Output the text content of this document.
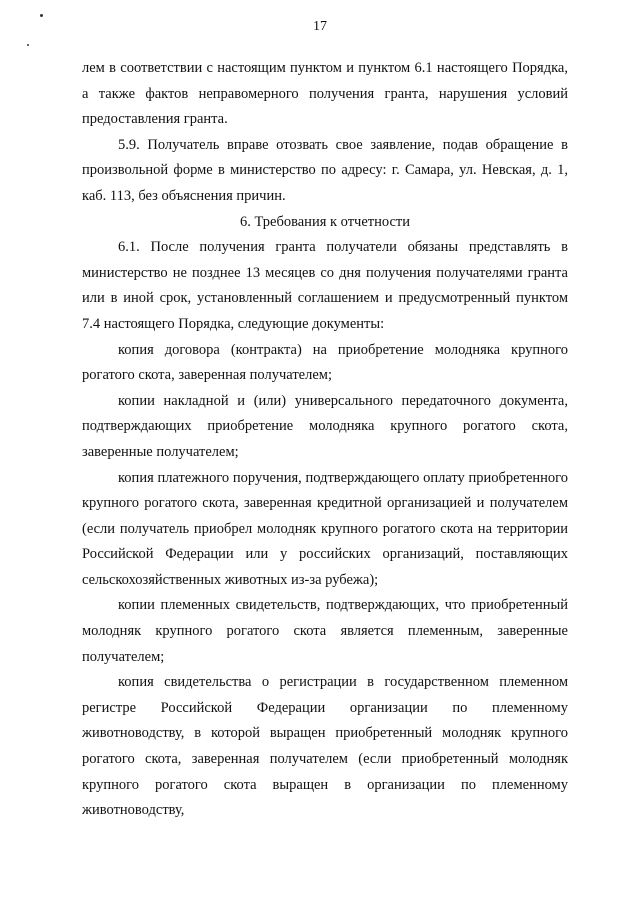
17

лем в соответствии с настоящим пунктом и пунктом 6.1 настоящего Порядка, а также фактов неправомерного получения гранта, нарушения условий предоставления гранта.

5.9. Получатель вправе отозвать свое заявление, подав обращение в произвольной форме в министерство по адресу: г. Самара, ул. Невская, д. 1, каб. 113, без объяснения причин.

6. Требования к отчетности

6.1. После получения гранта получатели обязаны представлять в министерство не позднее 13 месяцев со дня получения получателями гранта или в иной срок, установленный соглашением и предусмотренный пунктом 7.4 настоящего Порядка, следующие документы:

копия договора (контракта) на приобретение молодняка крупного рогатого скота, заверенная получателем;

копии накладной и (или) универсального передаточного документа, подтверждающих приобретение молодняка крупного рогатого скота, заверенные получателем;

копия платежного поручения, подтверждающего оплату приобретенного крупного рогатого скота, заверенная кредитной организацией и получателем (если получатель приобрел молодняк крупного рогатого скота на территории Российской Федерации или у российских организаций, поставляющих сельскохозяйственных животных из-за рубежа);

копии племенных свидетельств, подтверждающих, что приобретенный молодняк крупного рогатого скота является племенным, заверенные получателем;

копия свидетельства о регистрации в государственном племенном регистре Российской Федерации организации по племенному животноводству, в которой выращен приобретенный молодняк крупного рогатого скота, заверенная получателем (если приобретенный молодняк крупного рогатого скота выращен в организации по племенному животноводству,
